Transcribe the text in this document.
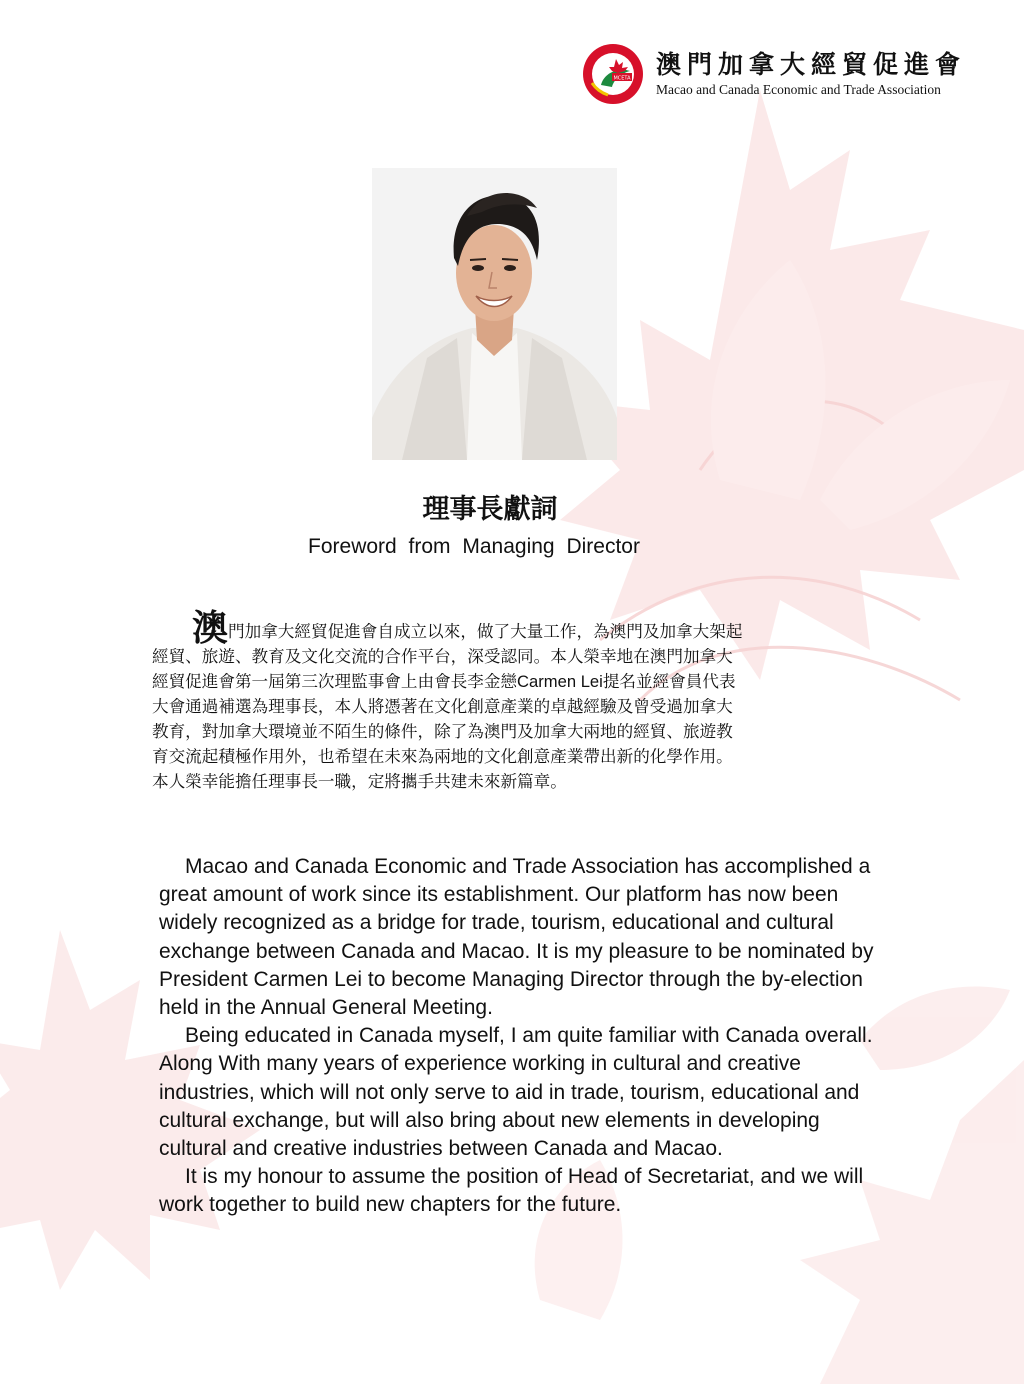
MCETA 澳門加拿大經貿促進會
Macao and Canada Economic and Trade Association
理事長獻詞
Foreword from Managing Director
澳門加拿大經貿促進會自成立以來，做了大量工作，為澳門及加拿大架起
經貿、旅遊、教育及文化交流的合作平台，深受認同。本人榮幸地在澳門加拿大
經貿促進會第一屆第三次理監事會上由會長李金戀Carmen Lei提名並經會員代表
大會通過補選為理事長，本人將憑著在文化創意產業的卓越經驗及曾受過加拿大
教育，對加拿大環境並不陌生的條件，除了為澳門及加拿大兩地的經貿、旅遊教
育交流起積極作用外，也希望在未來為兩地的文化創意產業帶出新的化學作用。
本人榮幸能擔任理事長一職，定將攜手共建未來新篇章。

Macao and Canada Economic and Trade Association has accomplished a great amount of work since its establishment. Our platform has now been widely recognized as a bridge for trade, tourism, educational and cultural exchange between Canada and Macao. It is my pleasure to be nominated by President Carmen Lei to become Managing Director through the by-election held in the Annual General Meeting.

Being educated in Canada myself, I am quite familiar with Canada overall. Along With many years of experience working in cultural and creative industries, which will not only serve to aid in trade, tourism, educational and cultural exchange, but will also bring about new elements in developing cultural and creative industries between Canada and Macao.

It is my honour to assume the position of Head of Secretariat, and we will work together to build new chapters for the future.
